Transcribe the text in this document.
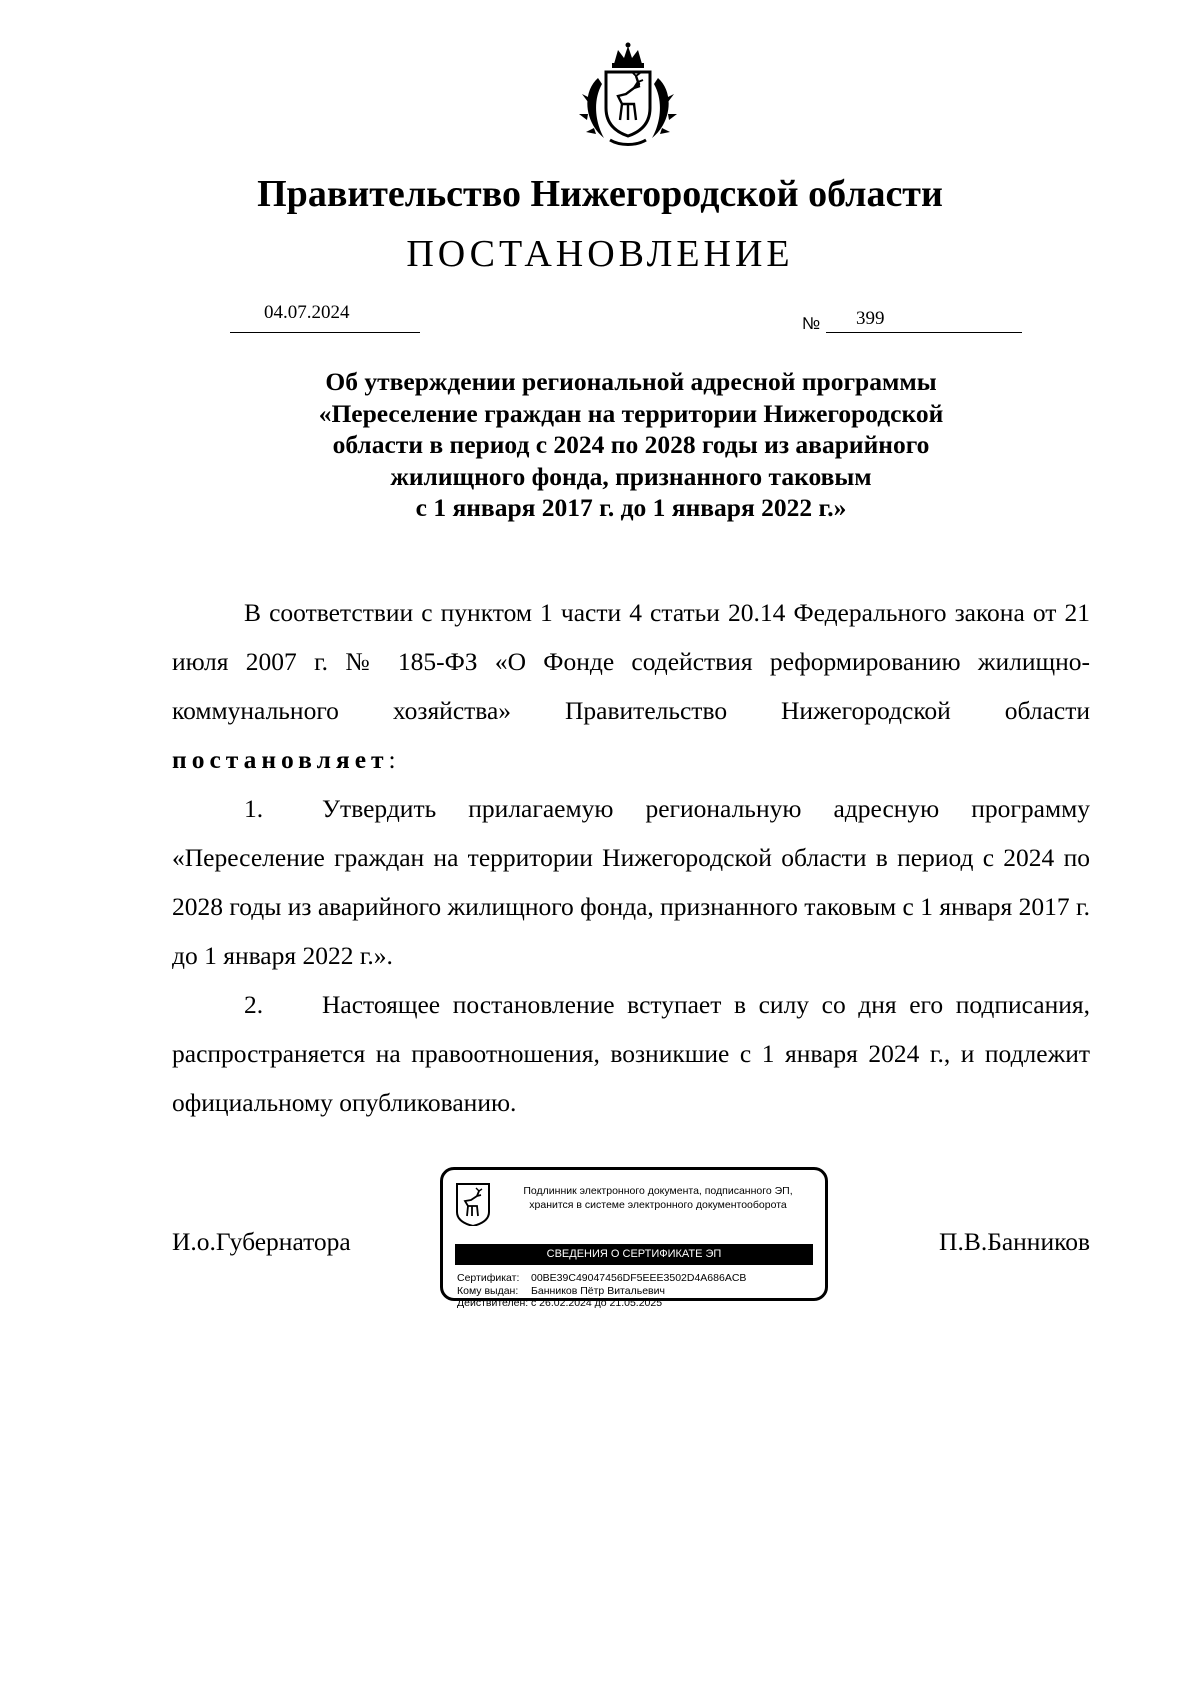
Правительство Нижегородской области
ПОСТАНОВЛЕНИЕ
04.07.2024
№ 399
Об утверждении региональной адресной программы
«Переселение граждан на территории Нижегородской
области в период с 2024 по 2028 годы из аварийного
жилищного фонда, признанного таковым
с 1 января 2017 г. до 1 января 2022 г.»

В соответствии с пунктом 1 части 4 статьи 20.14 Федерального закона от 21 июля 2007 г. № 185-ФЗ «О Фонде содействия реформированию жилищно-коммунального хозяйства» Правительство Нижегородской области постановляет:

1. Утвердить прилагаемую региональную адресную программу «Переселение граждан на территории Нижегородской области в период с 2024 по 2028 годы из аварийного жилищного фонда, признанного таковым с 1 января 2017 г. до 1 января 2022 г.».

2. Настоящее постановление вступает в силу со дня его подписания, распространяется на правоотношения, возникшие с 1 января 2024 г., и подлежит официальному опубликованию.

И.о.Губернатора	П.В.Банников
Подлинник электронного документа, подписанного ЭП,
хранится в системе электронного документооборота
СВЕДЕНИЯ О СЕРТИФИКАТЕ ЭП
Сертификат: 00BE39C49047456DF5EEE3502D4A686ACB
Кому выдан: Банников Пётр Витальевич
Действителен: с 26.02.2024 до 21.05.2025
